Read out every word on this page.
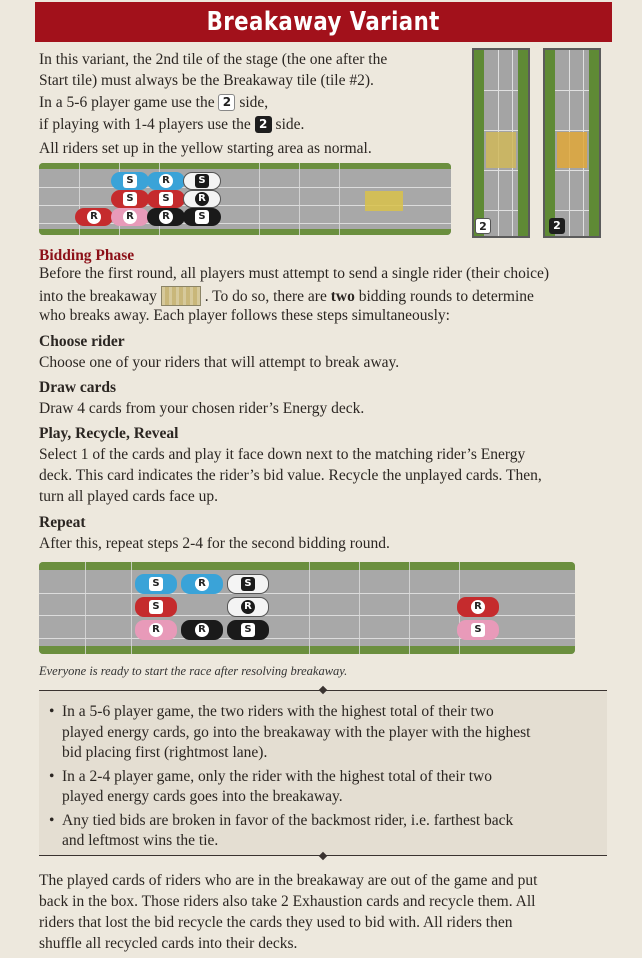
Breakaway Variant
In this variant, the 2nd tile of the stage (the one after the
Start tile) must always be the Breakaway tile (tile #2).
In a 5-6 player game use the 2 side,
if playing with 1-4 players use the 2 side.
All riders set up in the yellow starting area as normal.
2	2
S	R	S
S	S	R
R	R	R	S
Bidding Phase
Before the first round, all players must attempt to send a single rider (their choice)
into the breakaway	. To do so, there are two bidding rounds to determine
who breaks away. Each player follows these steps simultaneously:
Choose rider
Choose one of your riders that will attempt to break away.
Draw cards
Draw 4 cards from your chosen rider’s Energy deck.
Play, Recycle, Reveal
Select 1 of the cards and play it face down next to the matching rider’s Energy
deck. This card indicates the rider’s bid value. Recycle the unplayed cards. Then,
turn all played cards face up.
Repeat
After this, repeat steps 2-4 for the second bidding round.
S	R	S
S	R
R	R	S
R
S
Everyone is ready to start the race after resolving breakaway.
• In a 5-6 player game, the two riders with the highest total of their two
played energy cards, go into the breakaway with the player with the highest
bid placing first (rightmost lane).
• In a 2-4 player game, only the rider with the highest total of their two
played energy cards goes into the breakaway.
• Any tied bids are broken in favor of the backmost rider, i.e. farthest back
and leftmost wins the tie.
The played cards of riders who are in the breakaway are out of the game and put
back in the box. Those riders also take 2 Exhaustion cards and recycle them. All
riders that lost the bid recycle the cards they used to bid with. All riders then
shuffle all recycled cards into their decks.
